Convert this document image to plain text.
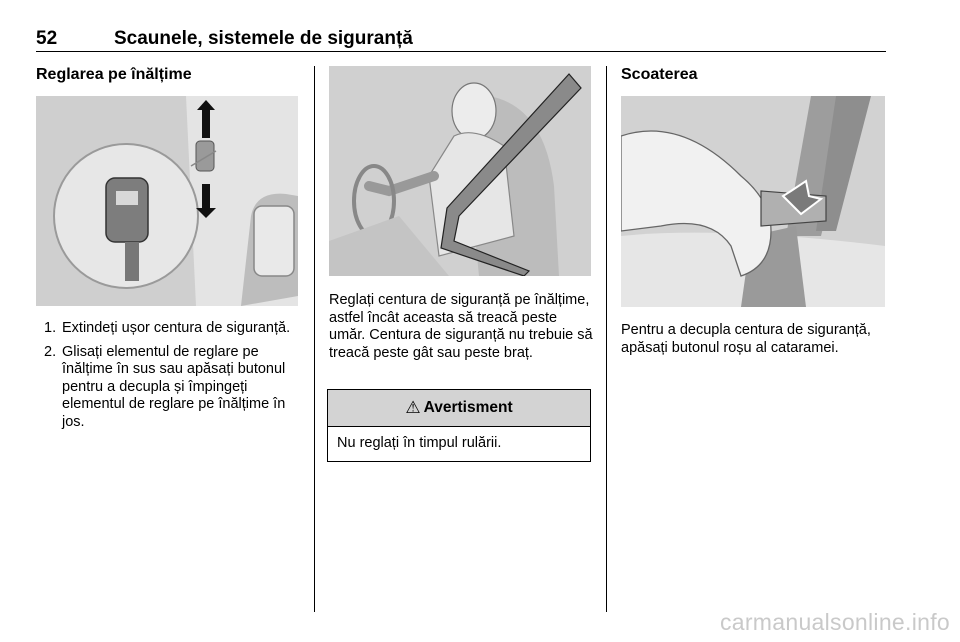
52	Scaunele, sistemele de siguranță
Reglarea pe înălțime
1. Extindeți ușor centura de siguranță.
2. Glisați elementul de reglare pe înălțime în sus sau apăsați butonul pentru a decupla și împingeți elementul de reglare pe înălțime în jos.
Reglați centura de siguranță pe înălțime, astfel încât aceasta să treacă peste umăr. Centura de siguranță nu trebuie să treacă peste gât sau peste braț.
⚠ Avertisment
Nu reglați în timpul rulării.
Scoaterea
Pentru a decupla centura de siguranță, apăsați butonul roșu al cataramei.
carmanualsonline.info
